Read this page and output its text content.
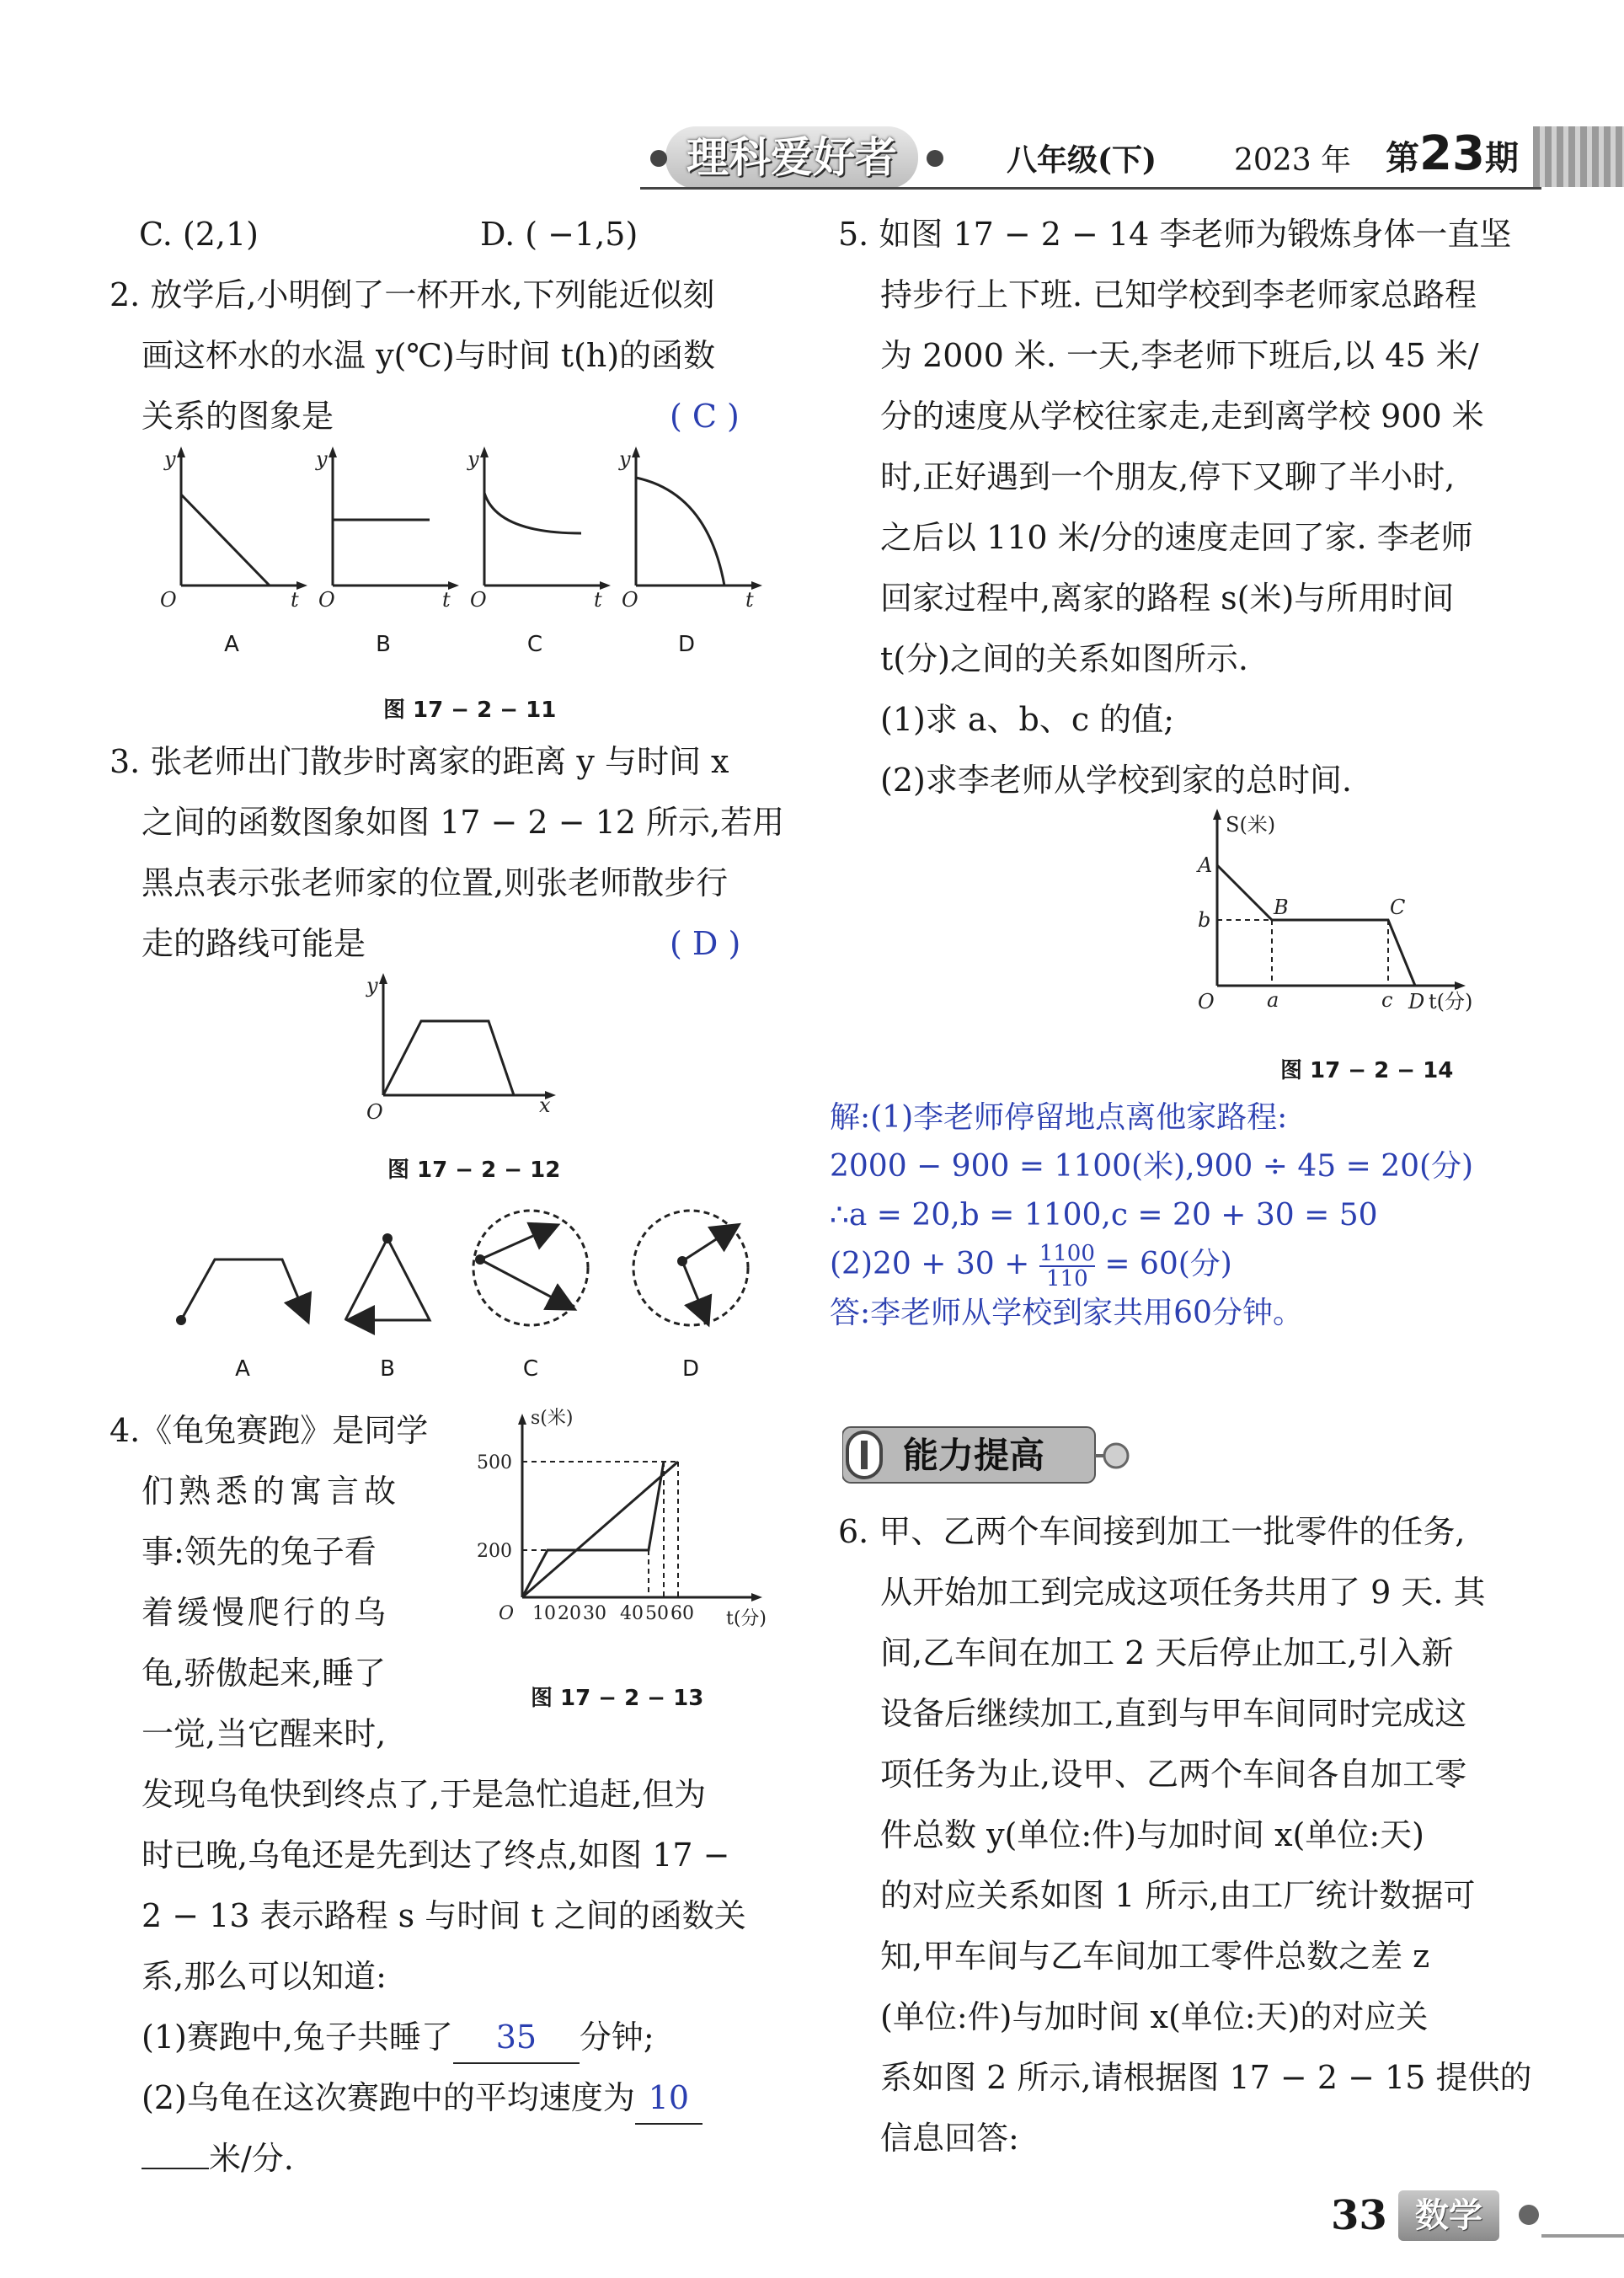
理科爱好者	八年级(下)	2023 年 第23期
C. (2,1)	D. ( −1,5)
2. 放学后,小明倒了一杯开水,下列能近似刻
画这杯水的水温 y(℃)与时间 t(h)的函数
关系的图象是	( C )
y
O	t
y
O	t
y
O	t
y
O	t
A	B	C	D
图 17 − 2 − 11
3. 张老师出门散步时离家的距离 y 与时间 x
之间的函数图象如图 17 − 2 − 12 所示,若用
黑点表示张老师家的位置,则张老师散步行
走的路线可能是	( D )
y
O	x
图 17 − 2 − 12
A	B	C	D
4.《龟兔赛跑》是同学
们熟悉的寓言故
事:领先的兔子看
着缓慢爬行的乌
龟,骄傲起来,睡了
一觉,当它醒来时,
s(米)
500
200
O 10 20 30 40 50 60 t(分)
图 17 − 2 − 13
发现乌龟快到终点了,于是急忙追赶,但为
时已晚,乌龟还是先到达了终点,如图 17 −
2 − 13 表示路程 s 与时间 t 之间的函数关
系,那么可以知道:
(1)赛跑中,兔子共睡了 35 分钟;
(2)乌龟在这次赛跑中的平均速度为 10
米/分.
5. 如图 17 − 2 − 14 李老师为锻炼身体一直坚
持步行上下班. 已知学校到李老师家总路程
为 2000 米. 一天,李老师下班后,以 45 米/
分的速度从学校往家走,走到离学校 900 米
时,正好遇到一个朋友,停下又聊了半小时,
之后以 110 米/分的速度走回了家. 李老师
回家过程中,离家的路程 s(米)与所用时间
t(分)之间的关系如图所示.
(1)求 a、b、c 的值;
(2)求李老师从学校到家的总时间.
S(米)
A
B	C
D
b
a	c
O	t(分)
图 17 − 2 − 14
解:(1)李老师停留地点离他家路程:
2000 − 900 = 1100(米),900 ÷ 45 = 20(分)
∴a = 20,b = 1100,c = 20 + 30 = 50
$(2)20 + 30 + \frac{1100}{110} = 60$(分)
答:李老师从学校到家共用60分钟。
能力提高
6. 甲、乙两个车间接到加工一批零件的任务,
从开始加工到完成这项任务共用了 9 天. 其
间,乙车间在加工 2 天后停止加工,引入新
设备后继续加工,直到与甲车间同时完成这
项任务为止,设甲、乙两个车间各自加工零
件总数 y(单位:件)与加时间 x(单位:天)
的对应关系如图 1 所示,由工厂统计数据可
知,甲车间与乙车间加工零件总数之差 z
(单位:件)与加时间 x(单位:天)的对应关
系如图 2 所示,请根据图 17 − 2 − 15 提供的
信息回答:
33 数学
